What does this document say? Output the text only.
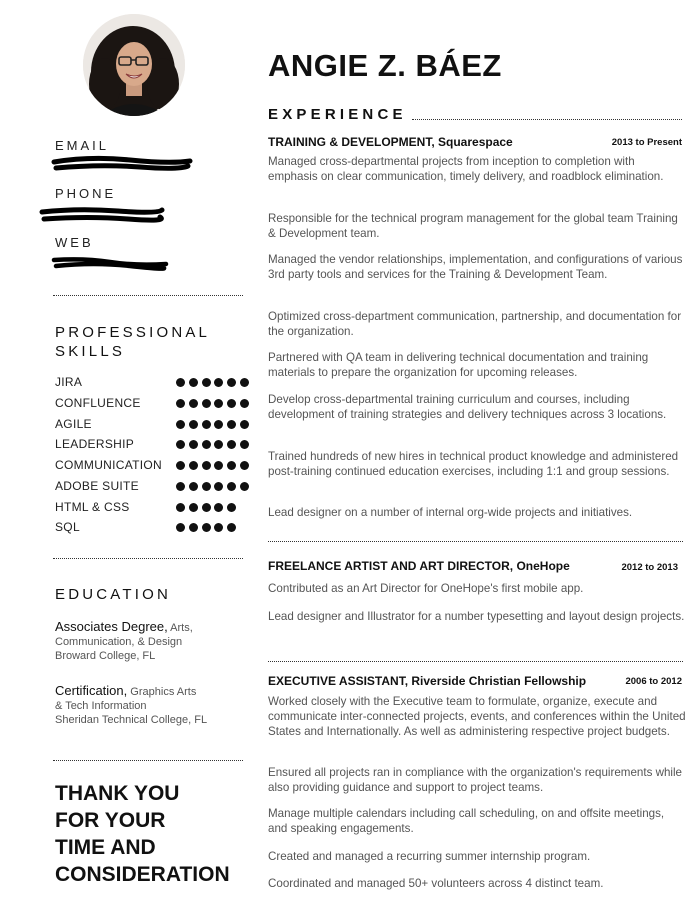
EMAIL
PHONE
WEB
PROFESSIONAL
SKILLS
JIRA
CONFLUENCE
AGILE
LEADERSHIP
COMMUNICATION
ADOBE SUITE
HTML & CSS
SQL
EDUCATION
Associates Degree, Arts,
Communication, & Design
Broward College, FL
Certification, Graphics Arts
& Tech Information
Sheridan Technical College, FL
THANK YOU
FOR YOUR
TIME AND
CONSIDERATION
ANGIE Z. BÁEZ
EXPERIENCE
TRAINING & DEVELOPMENT, Squarespace	2013 to Present
Managed cross-departmental projects from inception to completion with emphasis on clear communication, timely delivery, and roadblock elimination.
Responsible for the technical program management for the global team Training & Development team.
Managed the vendor relationships, implementation, and configurations of various 3rd party tools and services for the Training & Development Team.
Optimized cross-department communication, partnership, and documentation for the organization.
Partnered with QA team in delivering technical documentation and training materials to prepare the organization for upcoming releases.
Develop cross-departmental training curriculum and courses, including development of training strategies and delivery techniques across 3 locations.
Trained hundreds of new hires in technical product knowledge and administered post-training continued education exercises, including 1:1 and group sessions.
Lead designer on a number of internal org-wide projects and initiatives.
FREELANCE ARTIST AND ART DIRECTOR, OneHope	2012 to 2013
Contributed as an Art Director for OneHope's first mobile app.
Lead designer and Illustrator for a number typesetting and layout design projects.
EXECUTIVE ASSISTANT, Riverside Christian Fellowship	2006 to 2012
Worked closely with the Executive team to formulate, organize, execute and communicate inter-connected projects, events, and conferences within the United States and Internationally. As well as administering respective project budgets.
Ensured all projects ran in compliance with the organization's requirements while also providing guidance and support to project teams.
Manage multiple calendars including call scheduling, on and offsite meetings, and speaking engagements.
Created and managed a recurring summer internship program.
Coordinated and managed 50+ volunteers across 4 distinct team.
